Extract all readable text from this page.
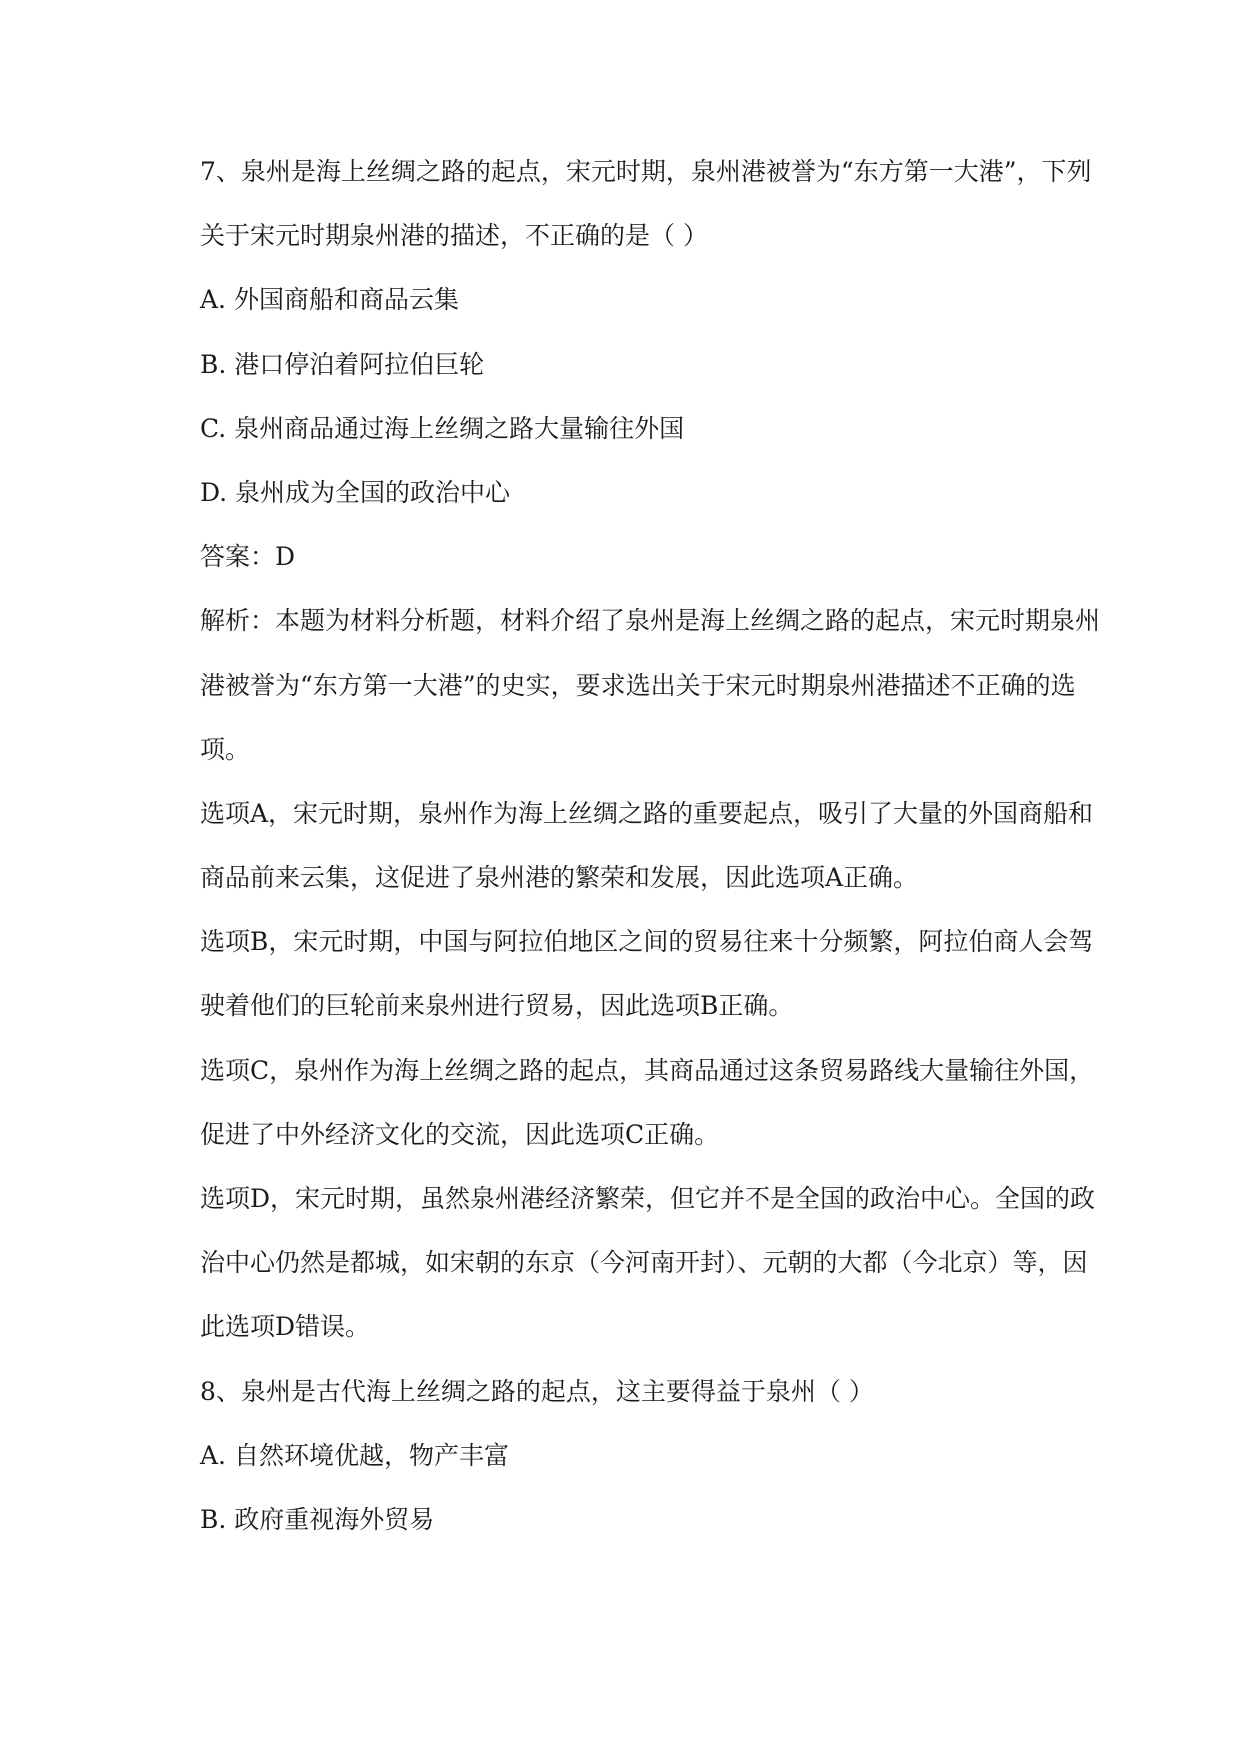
7、泉州是海上丝绸之路的起点，宋元时期，泉州港被誉为“东方第一大港”，下列
关于宋元时期泉州港的描述，不正确的是（ ）
A. 外国商船和商品云集
B. 港口停泊着阿拉伯巨轮
C. 泉州商品通过海上丝绸之路大量输往外国
D. 泉州成为全国的政治中心
答案：D
解析：本题为材料分析题，材料介绍了泉州是海上丝绸之路的起点，宋元时期泉州
港被誉为“东方第一大港”的史实，要求选出关于宋元时期泉州港描述不正确的选
项。
选项A，宋元时期，泉州作为海上丝绸之路的重要起点，吸引了大量的外国商船和
商品前来云集，这促进了泉州港的繁荣和发展，因此选项A正确。
选项B，宋元时期，中国与阿拉伯地区之间的贸易往来十分频繁，阿拉伯商人会驾
驶着他们的巨轮前来泉州进行贸易，因此选项B正确。
选项C，泉州作为海上丝绸之路的起点，其商品通过这条贸易路线大量输往外国，
促进了中外经济文化的交流，因此选项C正确。
选项D，宋元时期，虽然泉州港经济繁荣，但它并不是全国的政治中心。全国的政
治中心仍然是都城，如宋朝的东京（今河南开封）、元朝的大都（今北京）等，因
此选项D错误。
8、泉州是古代海上丝绸之路的起点，这主要得益于泉州（ ）
A. 自然环境优越，物产丰富
B. 政府重视海外贸易
